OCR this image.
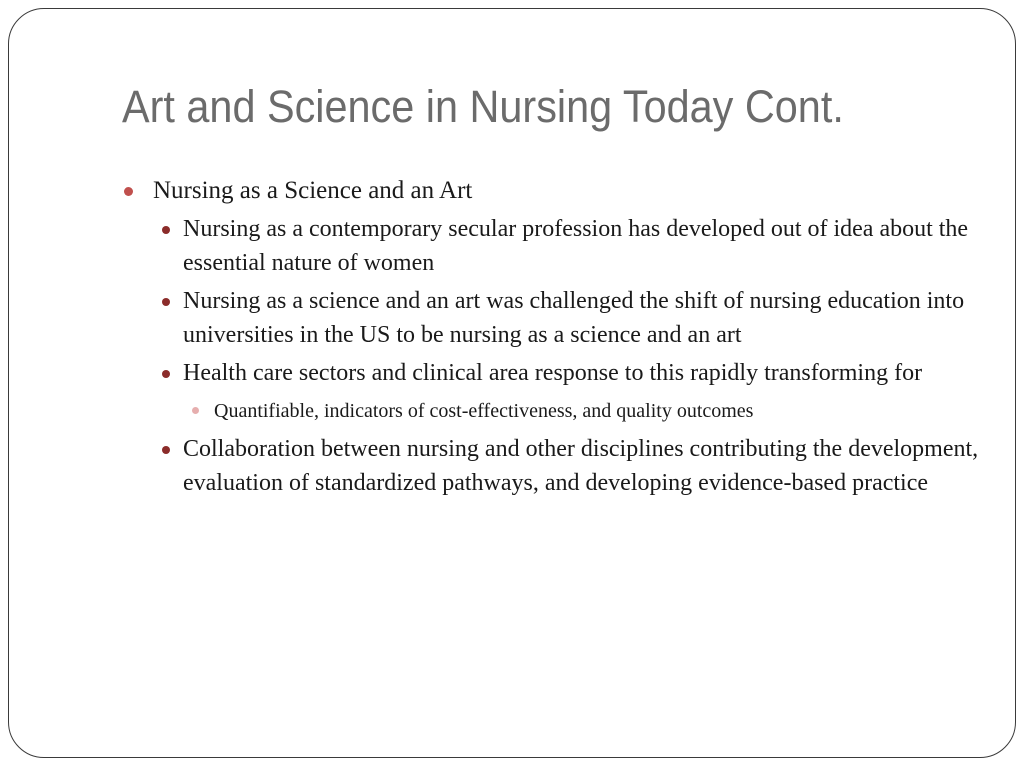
Art and Science in Nursing Today Cont.
Nursing as a Science and an Art
Nursing as a contemporary secular profession has developed out of idea about the essential nature of women
Nursing as a science and an art was challenged the shift of nursing education into universities in the US to be nursing as a science and an art
Health care sectors and clinical area response to this rapidly transforming for
Quantifiable, indicators of cost-effectiveness, and quality outcomes
Collaboration between nursing and other disciplines contributing the development, evaluation of standardized pathways, and developing evidence-based practice
